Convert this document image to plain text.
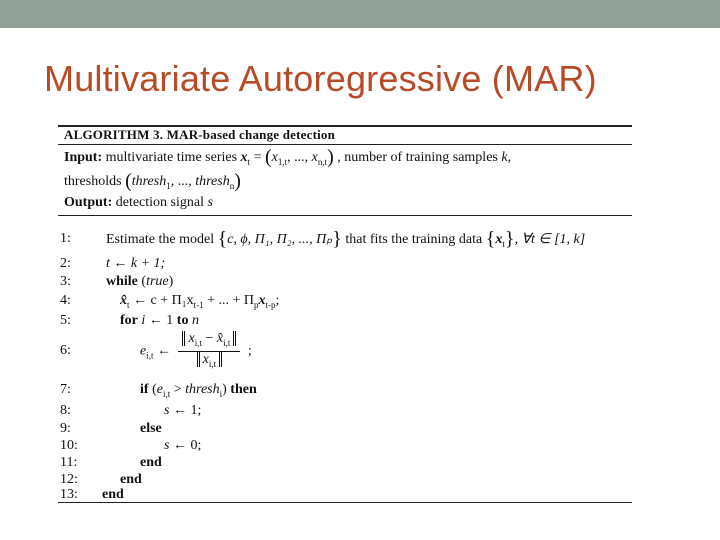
Multivariate Autoregressive (MAR)
ALGORITHM 3. MAR-based change detection
Input: multivariate time series $x_t = (x_{1,t}$, ..., $x_{n,t}$) , number of training samples k,
thresholds (thresh$_1$, ..., thresh$_n$)
Output: detection signal s
1:	Estimate the model {c, ϕ, Π₁, Π₂, ..., Πₚ} that fits the training data $\{x_t\}$, ∀t ∈ [1, k]
2:	t ← k + 1;
3:	while (true)
4:	$x̂_t$ ← $c + \Pi_1x_{t-1}$ + ... + $\Pi_px_{t-p}$;
5:	for i ← 1 to n
6:	$e_{i,t}$ ← $\frac{x_{i,t} - x̂_{i,t}}{x_{i,t}}$ ;
7:	if ($e_{i,t}$ > thresh$_i$) then
8:	s ← 1;
9:	else
10:	s ← 0;
11:	end
12:	end
13:	end
